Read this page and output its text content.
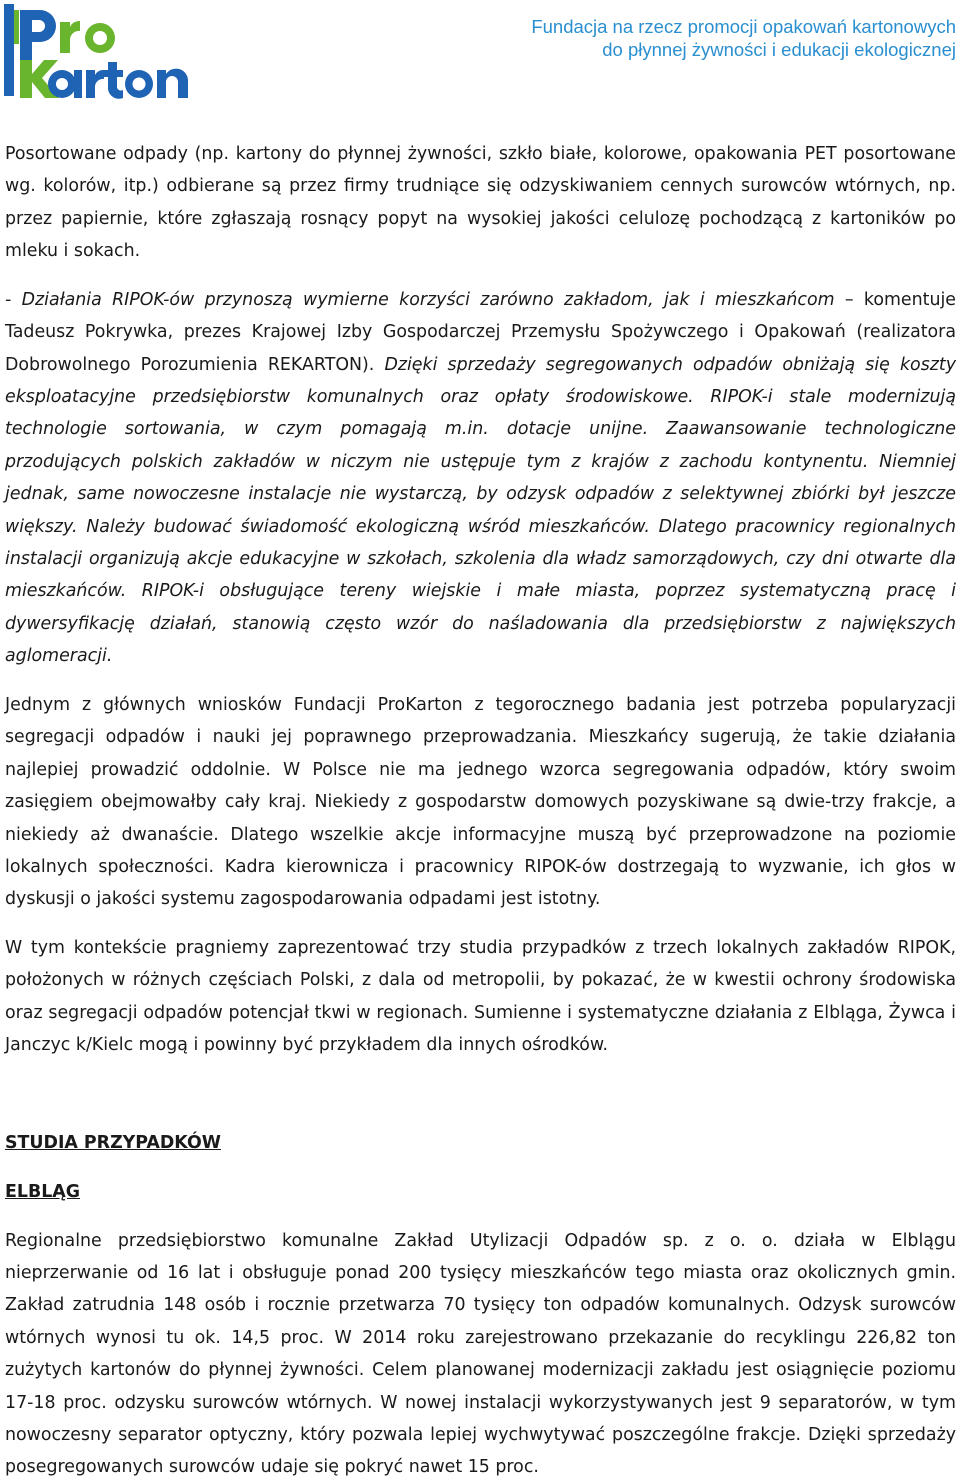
Fundacja na rzecz promocji opakowań kartonowych
do płynnej żywności i edukacji ekologicznej

Posortowane odpady (np. kartony do płynnej żywności, szkło białe, kolorowe, opakowania PET posortowane wg. kolorów, itp.) odbierane są przez firmy trudniące się odzyskiwaniem cennych surowców wtórnych, np. przez papiernie, które zgłaszają rosnący popyt na wysokiej jakości celulozę pochodzącą z kartoników po mleku i sokach.

- Działania RIPOK-ów przynoszą wymierne korzyści zarówno zakładom, jak i mieszkańcom – komentuje Tadeusz Pokrywka, prezes Krajowej Izby Gospodarczej Przemysłu Spożywczego i Opakowań (realizatora Dobrowolnego Porozumienia REKARTON). Dzięki sprzedaży segregowanych odpadów obniżają się koszty eksploatacyjne przedsiębiorstw komunalnych oraz opłaty środowiskowe. RIPOK-i stale modernizują technologie sortowania, w czym pomagają m.in. dotacje unijne. Zaawansowanie technologiczne przodujących polskich zakładów w niczym nie ustępuje tym z krajów z zachodu kontynentu. Niemniej jednak, same nowoczesne instalacje nie wystarczą, by odzysk odpadów z selektywnej zbiórki był jeszcze większy. Należy budować świadomość ekologiczną wśród mieszkańców. Dlatego pracownicy regionalnych instalacji organizują akcje edukacyjne w szkołach, szkolenia dla władz samorządowych, czy dni otwarte dla mieszkańców. RIPOK-i obsługujące tereny wiejskie i małe miasta, poprzez systematyczną pracę i dywersyfikację działań, stanowią często wzór do naśladowania dla przedsiębiorstw z największych aglomeracji.

Jednym z głównych wniosków Fundacji ProKarton z tegorocznego badania jest potrzeba popularyzacji segregacji odpadów i nauki jej poprawnego przeprowadzania. Mieszkańcy sugerują, że takie działania najlepiej prowadzić oddolnie. W Polsce nie ma jednego wzorca segregowania odpadów, który swoim zasięgiem obejmowałby cały kraj. Niekiedy z gospodarstw domowych pozyskiwane są dwie-trzy frakcje, a niekiedy aż dwanaście. Dlatego wszelkie akcje informacyjne muszą być przeprowadzone na poziomie lokalnych społeczności. Kadra kierownicza i pracownicy RIPOK-ów dostrzegają to wyzwanie, ich głos w dyskusji o jakości systemu zagospodarowania odpadami jest istotny.

W tym kontekście pragniemy zaprezentować trzy studia przypadków z trzech lokalnych zakładów RIPOK, położonych w różnych częściach Polski, z dala od metropolii, by pokazać, że w kwestii ochrony środowiska oraz segregacji odpadów potencjał tkwi w regionach. Sumienne i systematyczne działania z Elbląga, Żywca i Janczyc k/Kielc mogą i powinny być przykładem dla innych ośrodków.

STUDIA PRZYPADKÓW

ELBLĄG

Regionalne przedsiębiorstwo komunalne Zakład Utylizacji Odpadów sp. z o. o. działa w Elblągu nieprzerwanie od 16 lat i obsługuje ponad 200 tysięcy mieszkańców tego miasta oraz okolicznych gmin. Zakład zatrudnia 148 osób i rocznie przetwarza 70 tysięcy ton odpadów komunalnych. Odzysk surowców wtórnych wynosi tu ok. 14,5 proc. W 2014 roku zarejestrowano przekazanie do recyklingu 226,82 ton zużytych kartonów do płynnej żywności. Celem planowanej modernizacji zakładu jest osiągnięcie poziomu 17-18 proc. odzysku surowców wtórnych. W nowej instalacji wykorzystywanych jest 9 separatorów, w tym nowoczesny separator optyczny, który pozwala lepiej wychwytywać poszczególne frakcje. Dzięki sprzedaży posegregowanych surowców udaje się pokryć nawet 15 proc.
